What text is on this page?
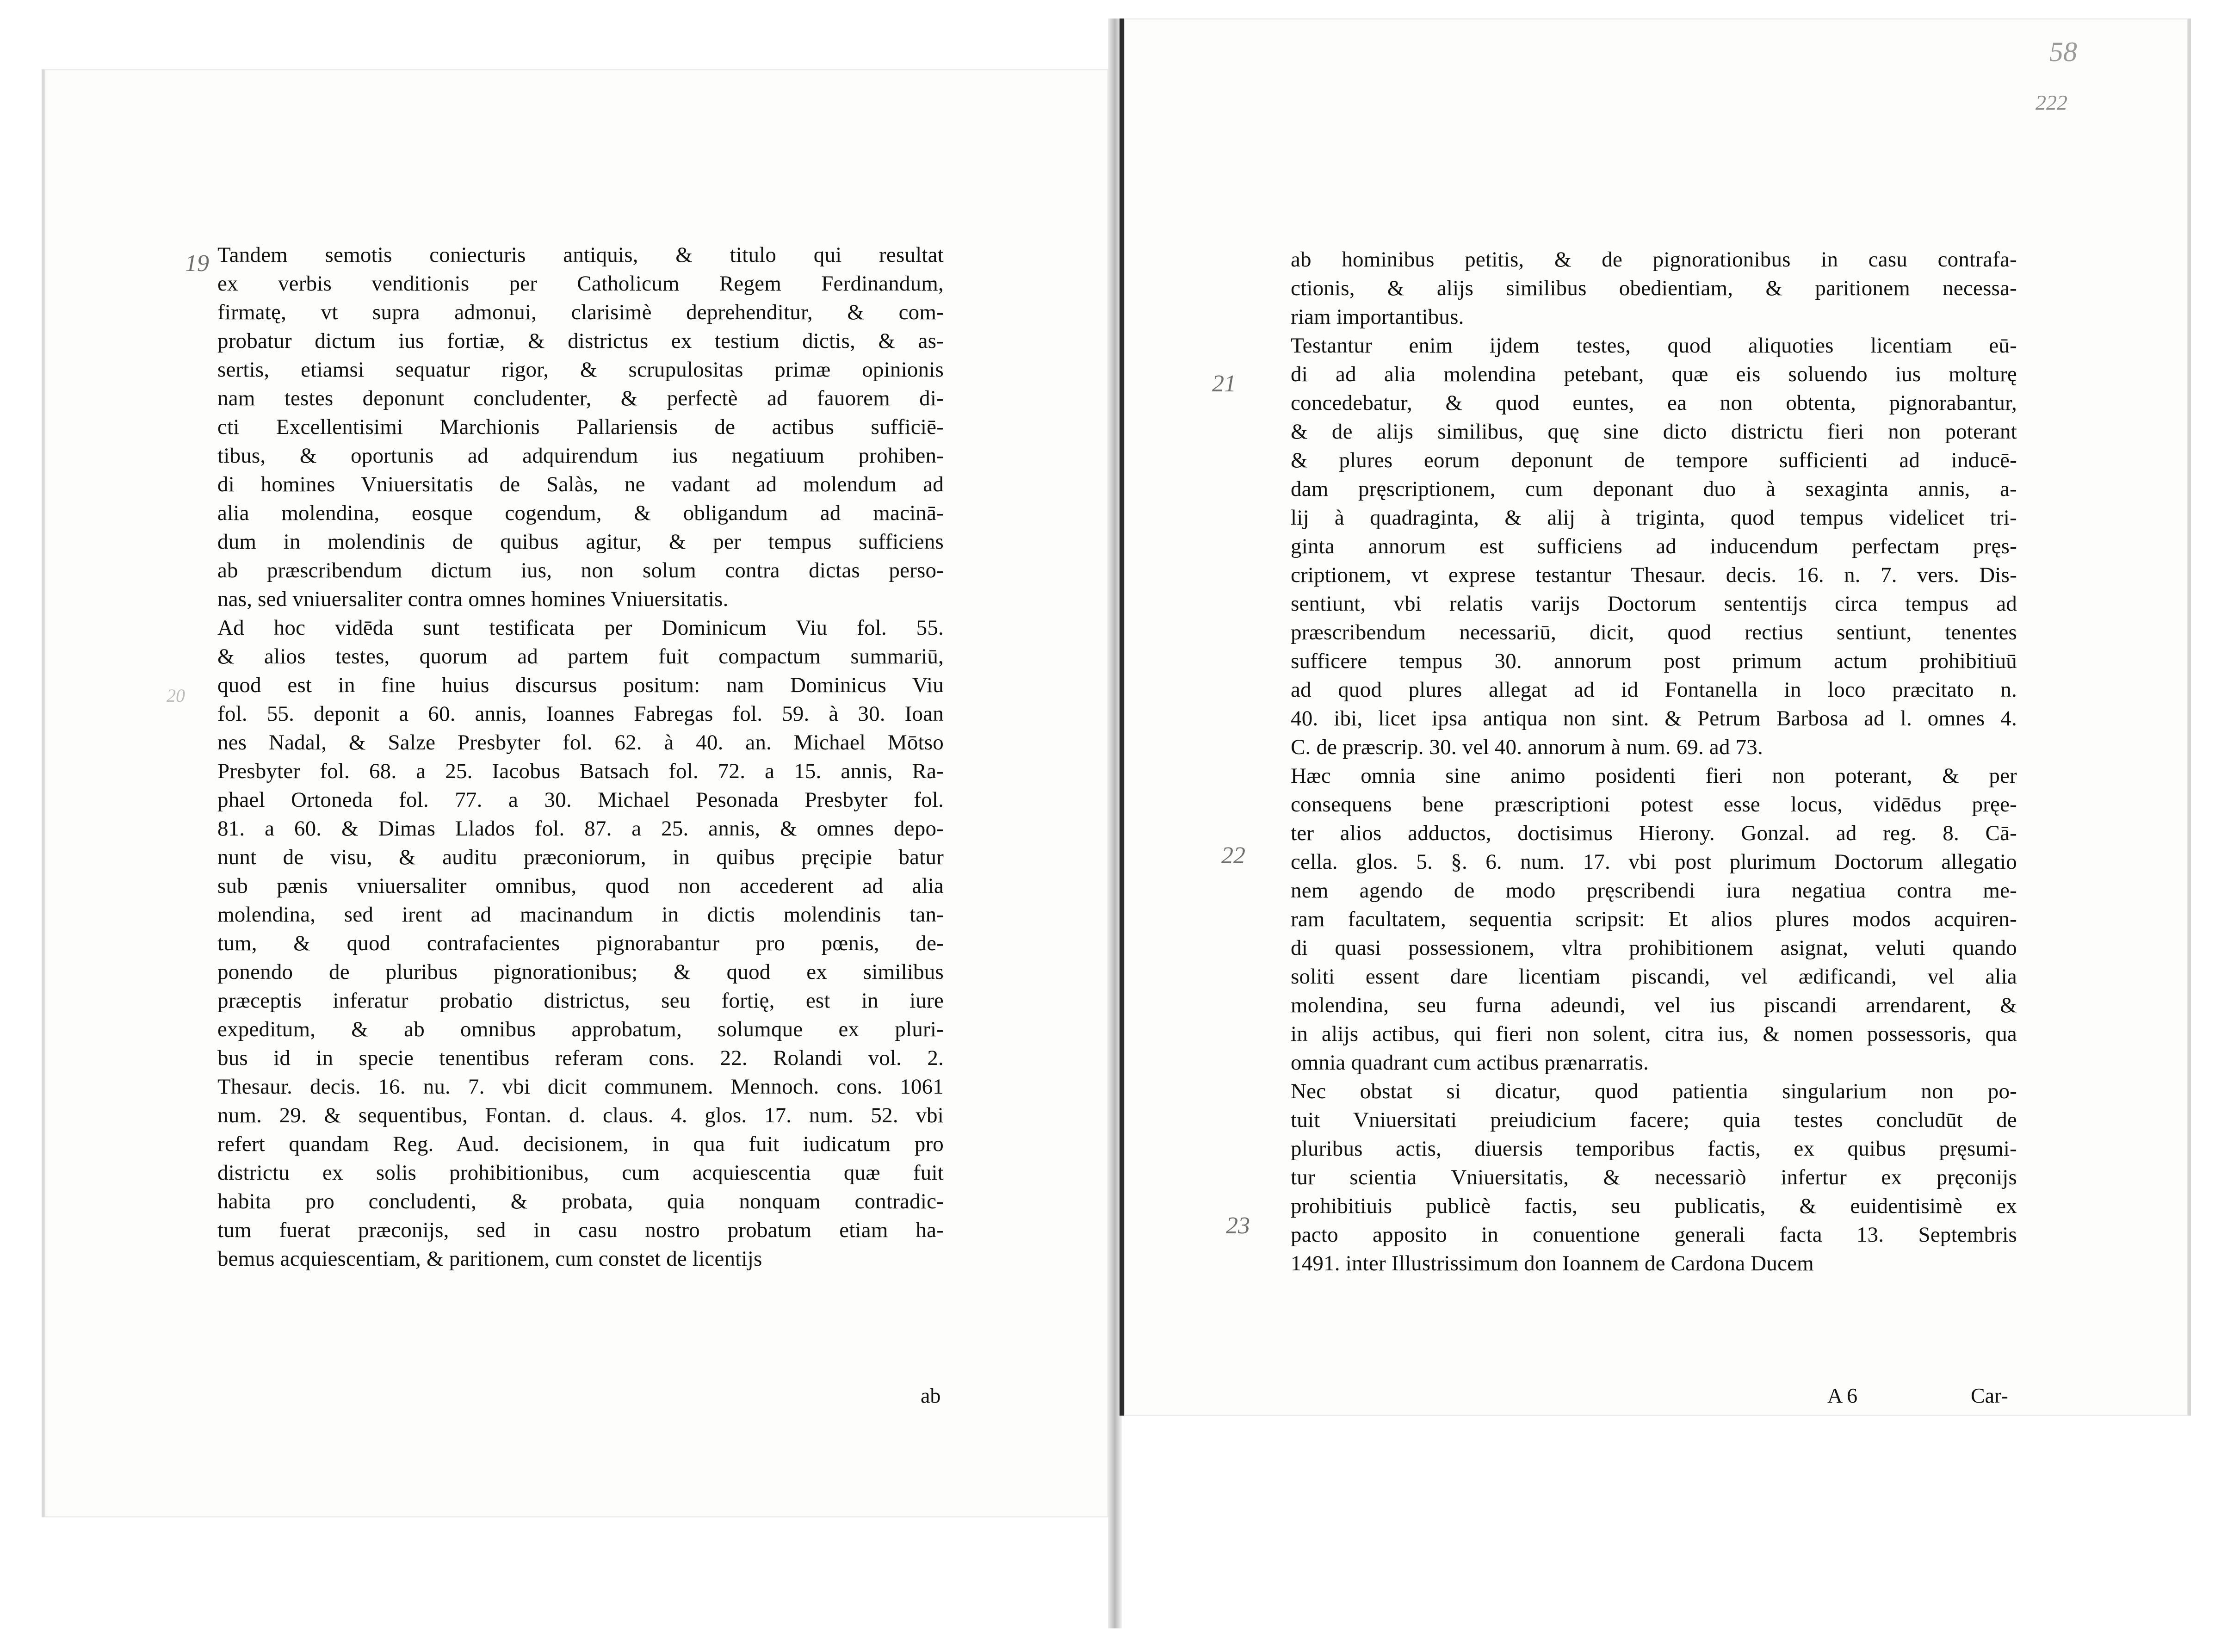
58
222
19
20
21
22
23
Tandem semotis coniecturis antiquis, & titulo qui resultat
ex verbis venditionis per Catholicum Regem Ferdinandum,
firmatę, vt supra admonui, clarisimè deprehenditur, & com-
probatur dictum ius fortiæ, & districtus ex testium dictis, & as-
sertis, etiamsi sequatur rigor, & scrupulositas primæ opinionis
nam testes deponunt concludenter, & perfectè ad fauorem di-
cti Excellentisimi Marchionis Pallariensis de actibus sufficiē-
tibus, & oportunis ad adquirendum ius negatiuum prohiben-
di homines Vniuersitatis de Salàs, ne vadant ad molendum ad
alia molendina, eosque cogendum, & obligandum ad macinā-
dum in molendinis de quibus agitur, & per tempus sufficiens
ab præscribendum dictum ius, non solum contra dictas perso-
nas, sed vniuersaliter contra omnes homines Vniuersitatis.
Ad hoc vidēda sunt testificata per Dominicum Viu fol. 55.
& alios testes, quorum ad partem fuit compactum summariū,
quod est in fine huius discursus positum: nam Dominicus Viu
fol. 55. deponit a 60. annis, Ioannes Fabregas fol. 59. à 30. Ioan
nes Nadal, & Salze Presbyter fol. 62. à 40. an. Michael Mōtso
Presbyter fol. 68. a 25. Iacobus Batsach fol. 72. a 15. annis, Ra-
phael Ortoneda fol. 77. a 30. Michael Pesonada Presbyter fol.
81. a 60. & Dimas Llados fol. 87. a 25. annis, & omnes depo-
nunt de visu, & auditu præconiorum, in quibus pręcipie batur
sub pænis vniuersaliter omnibus, quod non accederent ad alia
molendina, sed irent ad macinandum in dictis molendinis tan-
tum, & quod contrafacientes pignorabantur pro pœnis, de-
ponendo de pluribus pignorationibus; & quod ex similibus
præceptis inferatur probatio districtus, seu fortię, est in iure
expeditum, & ab omnibus approbatum, solumque ex pluri-
bus id in specie tenentibus referam cons. 22. Rolandi vol. 2.
Thesaur. decis. 16. nu. 7. vbi dicit communem. Mennoch. cons. 1061
num. 29. & sequentibus, Fontan. d. claus. 4. glos. 17. num. 52. vbi
refert quandam Reg. Aud. decisionem, in qua fuit iudicatum pro
districtu ex solis prohibitionibus, cum acquiescentia quæ fuit
habita pro concludenti, & probata, quia nonquam contradic-
tum fuerat præconijs, sed in casu nostro probatum etiam ha-
bemus acquiescentiam, & paritionem, cum constet de licentijs
ab hominibus petitis, & de pignorationibus in casu contrafa-
ctionis, & alijs similibus obedientiam, & paritionem necessa-
riam importantibus.
Testantur enim ijdem testes, quod aliquoties licentiam eū-
di ad alia molendina petebant, quæ eis soluendo ius molturę
concedebatur, & quod euntes, ea non obtenta, pignorabantur,
& de alijs similibus, quę sine dicto districtu fieri non poterant
& plures eorum deponunt de tempore sufficienti ad inducē-
dam pręscriptionem, cum deponant duo à sexaginta annis, a-
lij à quadraginta, & alij à triginta, quod tempus videlicet tri-
ginta annorum est sufficiens ad inducendum perfectam pręs-
criptionem, vt exprese testantur Thesaur. decis. 16. n. 7. vers. Dis-
sentiunt, vbi relatis varijs Doctorum sententijs circa tempus ad
præscribendum necessariū, dicit, quod rectius sentiunt, tenentes
sufficere tempus 30. annorum post primum actum prohibitiuū
ad quod plures allegat ad id Fontanella in loco præcitato n.
40. ibi, licet ipsa antiqua non sint. & Petrum Barbosa ad l. omnes 4.
C. de præscrip. 30. vel 40. annorum à num. 69. ad 73.
Hæc omnia sine animo posidenti fieri non poterant, & per
consequens bene præscriptioni potest esse locus, vidēdus pręe-
ter alios adductos, doctisimus Hierony. Gonzal. ad reg. 8. Cā-
cella. glos. 5. §. 6. num. 17. vbi post plurimum Doctorum allegatio
nem agendo de modo pręscribendi iura negatiua contra me-
ram facultatem, sequentia scripsit: Et alios plures modos acquiren-
di quasi possessionem, vltra prohibitionem asignat, veluti quando
soliti essent dare licentiam piscandi, vel ædificandi, vel alia
molendina, seu furna adeundi, vel ius piscandi arrendarent, &
in alijs actibus, qui fieri non solent, citra ius, & nomen possessoris, qua
omnia quadrant cum actibus prænarratis.
Nec obstat si dicatur, quod patientia singularium non po-
tuit Vniuersitati preiudicium facere; quia testes concludūt de
pluribus actis, diuersis temporibus factis, ex quibus pręsumi-
tur scientia Vniuersitatis, & necessariò infertur ex pręconijs
prohibitiuis publicè factis, seu publicatis, & euidentisimè ex
pacto apposito in conuentione generali facta 13. Septembris
1491. inter Illustrissimum don Ioannem de Cardona Ducem
ab	A 6	Car-
